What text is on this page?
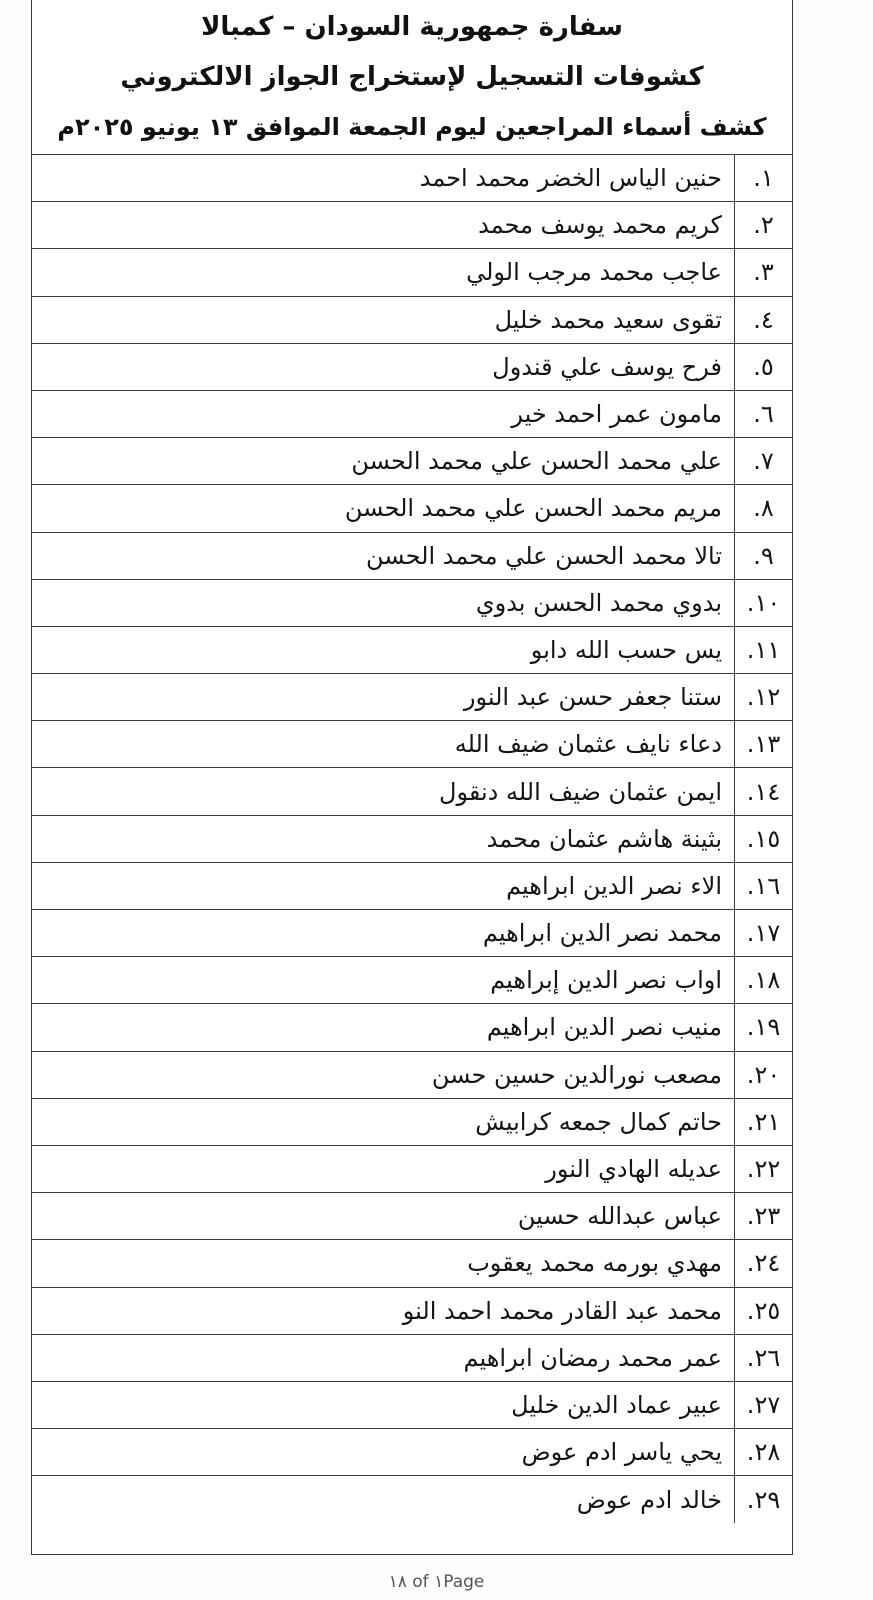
سفارة جمهورية السودان – كمبالا
كشوفات التسجيل لإستخراج الجواز الالكتروني
كشف أسماء المراجعين ليوم الجمعة الموافق ١٣ يونيو ٢٠٢٥م
١.
حنين الياس الخضر محمد احمد
٢.
كريم محمد يوسف محمد
٣.
عاجب محمد مرجب الولي
٤.
تقوى سعيد محمد خليل
٥.
فرح يوسف علي قندول
٦.
مامون عمر احمد خير
٧.
علي محمد الحسن علي محمد الحسن
٨.
مريم محمد الحسن علي محمد الحسن
٩.
تالا محمد الحسن علي محمد الحسن
١٠.
بدوي محمد الحسن بدوي
١١.
يس حسب الله دابو
١٢.
ستنا جعفر حسن عبد النور
١٣.
دعاء نايف عثمان ضيف الله
١٤.
ايمن عثمان ضيف الله دنقول
١٥.
بثينة هاشم عثمان محمد
١٦.
الاء نصر الدين ابراهيم
١٧.
محمد نصر الدين ابراهيم
١٨.
اواب نصر الدين إبراهيم
١٩.
منيب نصر الدين ابراهيم
٢٠.
مصعب نورالدين حسين حسن
٢١.
حاتم كمال جمعه كرابيش
٢٢.
عديله الهادي النور
٢٣.
عباس عبدالله حسين
٢٤.
مهدي بورمه محمد يعقوب
٢٥.
محمد عبد القادر محمد احمد النو
٢٦.
عمر محمد رمضان ابراهيم
٢٧.
عبير عماد الدين خليل
٢٨.
يحي ياسر ادم عوض
٢٩.
خالد ادم عوض
١٨ of ١Page
